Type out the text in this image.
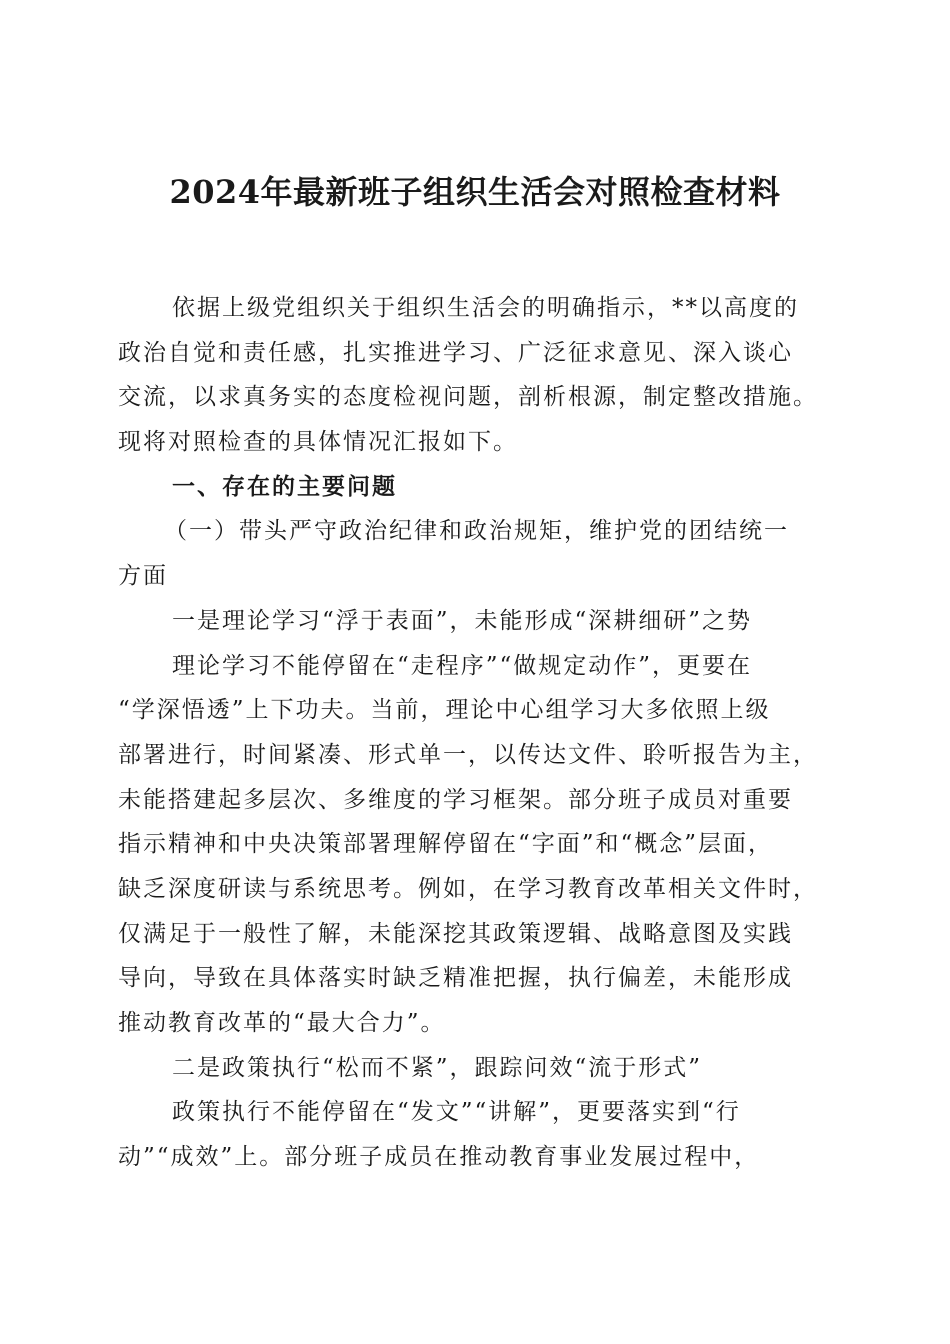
2024年最新班子组织生活会对照检查材料
依据上级党组织关于组织生活会的明确指示，**以高度的
政治自觉和责任感，扎实推进学习、广泛征求意见、深入谈心
交流，以求真务实的态度检视问题，剖析根源，制定整改措施。
现将对照检查的具体情况汇报如下。
一、存在的主要问题
（一）带头严守政治纪律和政治规矩，维护党的团结统一
方面
一是理论学习“浮于表面”，未能形成“深耕细研”之势
理论学习不能停留在“走程序”“做规定动作”，更要在
“学深悟透”上下功夫。当前，理论中心组学习大多依照上级
部署进行，时间紧凑、形式单一，以传达文件、聆听报告为主，
未能搭建起多层次、多维度的学习框架。部分班子成员对重要
指示精神和中央决策部署理解停留在“字面”和“概念”层面，
缺乏深度研读与系统思考。例如，在学习教育改革相关文件时，
仅满足于一般性了解，未能深挖其政策逻辑、战略意图及实践
导向，导致在具体落实时缺乏精准把握，执行偏差，未能形成
推动教育改革的“最大合力”。
二是政策执行“松而不紧”，跟踪问效“流于形式”
政策执行不能停留在“发文”“讲解”，更要落实到“行
动”“成效”上。部分班子成员在推动教育事业发展过程中，
